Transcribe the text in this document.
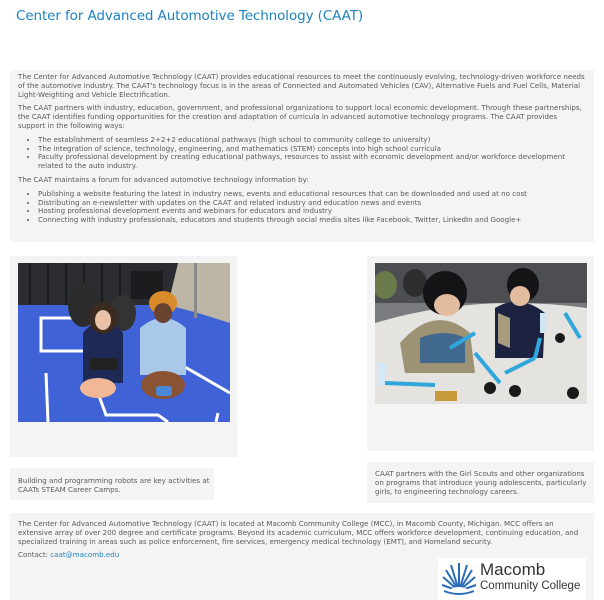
Center for Advanced Automotive Technology (CAAT)

The Center for Advanced Automotive Technology (CAAT) provides educational resources to meet the continuously evolving, technology-driven workforce needs of the automotive industry. The CAAT's technology focus is in the areas of Connected and Automated Vehicles (CAV), Alternative Fuels and Fuel Cells, Material Light-Weighting and Vehicle Electrification.

The CAAT partners with industry, education, government, and professional organizations to support local economic development. Through these partnerships, the CAAT identifies funding opportunities for the creation and adaptation of curricula in advanced automotive technology programs. The CAAT provides support in the following ways:

• The establishment of seamless 2+2+2 educational pathways (high school to community college to university)
• The integration of science, technology, engineering, and mathematics (STEM) concepts into high school curricula
• Faculty professional development by creating educational pathways, resources to assist with economic development and/or workforce development related to the auto industry.

The CAAT maintains a forum for advanced automotive technology information by:

• Publishing a website featuring the latest in industry news, events and educational resources that can be downloaded and used at no cost
• Distributing an e-newsletter with updates on the CAAT and related industry and education news and events
• Hosting professional development events and webinars for educators and industry
• Connecting with industry professionals, educators and students through social media sites like Facebook, Twitter, LinkedIn and Google+
Building and programming robots are key activities at CAATs STEAM Career Camps.
CAAT partners with the Girl Scouts and other organizations on programs that introduce young adolescents, particularly girls, to engineering technology careers.

The Center for Advanced Automotive Technology (CAAT) is located at Macomb Community College (MCC), in Macomb County, Michigan. MCC offers an extensive array of over 200 degree and certificate programs. Beyond its academic curriculum, MCC offers workforce development, continuing education, and specialized training in areas such as police enforcement, fire services, emergency medical technology (EMT), and Homeland security.

Contact: caat@macomb.edu

Macomb
Community College
